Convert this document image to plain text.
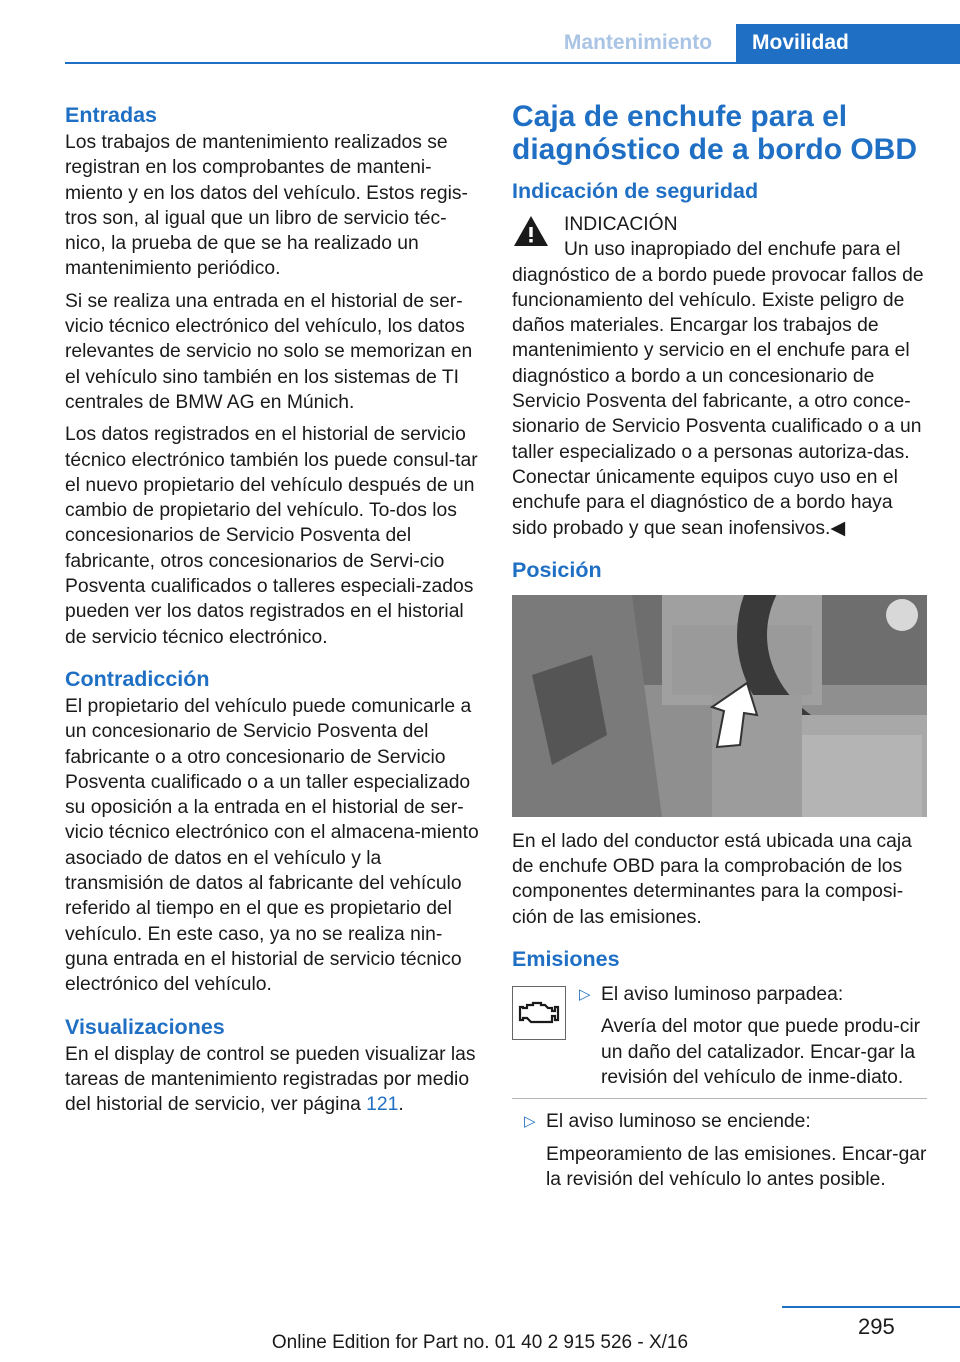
Mantenimiento	Movilidad
Entradas

Los trabajos de mantenimiento realizados se registran en los comprobantes de manteni‐miento y en los datos del vehículo. Estos regis‐tros son, al igual que un libro de servicio téc‐nico, la prueba de que se ha realizado un mantenimiento periódico.

Si se realiza una entrada en el historial de ser‐vicio técnico electrónico del vehículo, los datos relevantes de servicio no solo se memorizan en el vehículo sino también en los sistemas de TI centrales de BMW AG en Múnich.

Los datos registrados en el historial de servicio técnico electrónico también los puede consul‐tar el nuevo propietario del vehículo después de un cambio de propietario del vehículo. To‐dos los concesionarios de Servicio Posventa del fabricante, otros concesionarios de Servi‐cio Posventa cualificados o talleres especiali‐zados pueden ver los datos registrados en el historial de servicio técnico electrónico.

Contradicción

El propietario del vehículo puede comunicarle a un concesionario de Servicio Posventa del fabricante o a otro concesionario de Servicio Posventa cualificado o a un taller especializado su oposición a la entrada en el historial de ser‐vicio técnico electrónico con el almacena‐miento asociado de datos en el vehículo y la transmisión de datos al fabricante del vehículo referido al tiempo en el que es propietario del vehículo. En este caso, ya no se realiza nin‐guna entrada en el historial de servicio técnico electrónico del vehículo.

Visualizaciones

En el display de control se pueden visualizar las tareas de mantenimiento registradas por medio del historial de servicio, ver página 121.

Caja de enchufe para el diagnóstico de a bordo OBD
Indicación de seguridad

INDICACIÓN

Un uso inapropiado del enchufe para el diagnóstico de a bordo puede provocar fallos de funcionamiento del vehículo. Existe peligro de daños materiales. Encargar los trabajos de mantenimiento y servicio en el enchufe para el diagnóstico a bordo a un concesionario de Servicio Posventa del fabricante, a otro conce‐sionario de Servicio Posventa cualificado o a un taller especializado o a personas autoriza‐das. Conectar únicamente equipos cuyo uso en el enchufe para el diagnóstico de a bordo haya sido probado y que sean inofensivos.◀

Posición

En el lado del conductor está ubicada una caja de enchufe OBD para la comprobación de los componentes determinantes para la composi‐ción de las emisiones.

Emisiones
▷ El aviso luminoso parpadea:

Avería del motor que puede produ‐cir un daño del catalizador. Encar‐gar la revisión del vehículo de inme‐diato.

▷ El aviso luminoso se enciende:

Empeoramiento de las emisiones. Encar‐gar la revisión del vehículo lo antes posible.

295
Online Edition for Part no. 01 40 2 915 526 - X/16
